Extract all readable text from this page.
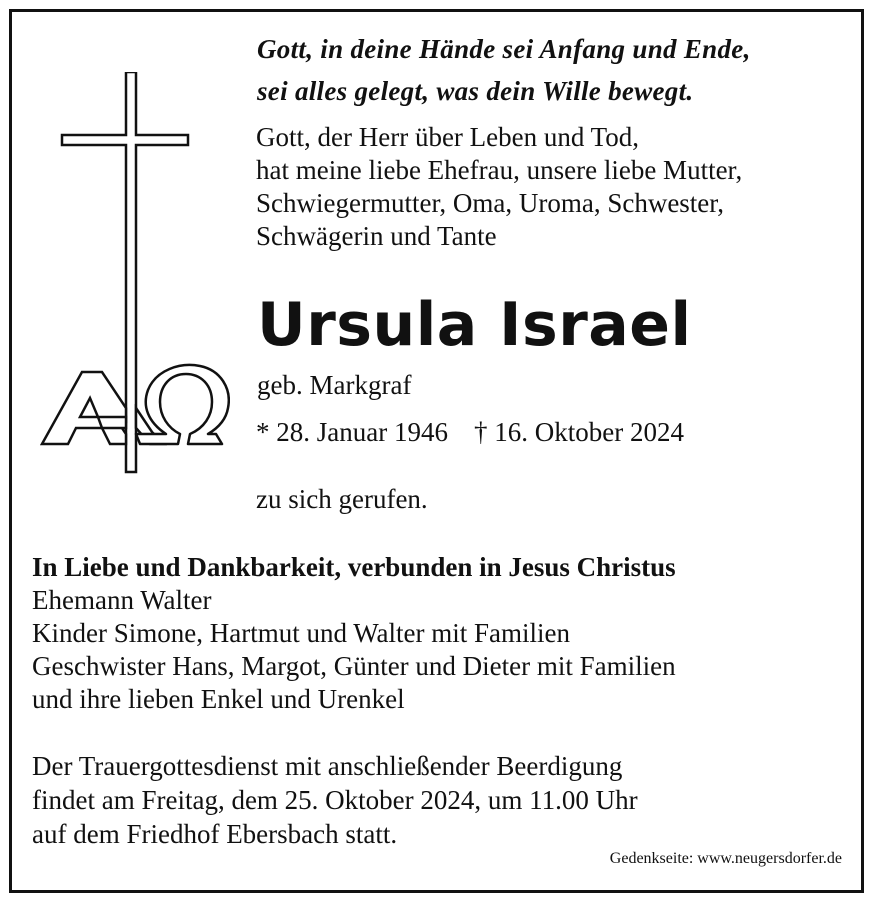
Gott, in deine Hände sei Anfang und Ende,
sei alles gelegt, was dein Wille bewegt.
Gott, der Herr über Leben und Tod,
hat meine liebe Ehefrau, unsere liebe Mutter,
Schwiegermutter, Oma, Uroma, Schwester,
Schwägerin und Tante
Ursula Israel
geb. Markgraf
* 28. Januar 1946 † 16. Oktober 2024
zu sich gerufen.
In Liebe und Dankbarkeit, verbunden in Jesus Christus
Ehemann Walter
Kinder Simone, Hartmut und Walter mit Familien
Geschwister Hans, Margot, Günter und Dieter mit Familien
und ihre lieben Enkel und Urenkel
Der Trauergottesdienst mit anschließender Beerdigung
findet am Freitag, dem 25. Oktober 2024, um 11.00 Uhr
auf dem Friedhof Ebersbach statt.
Gedenkseite: www.neugersdorfer.de
